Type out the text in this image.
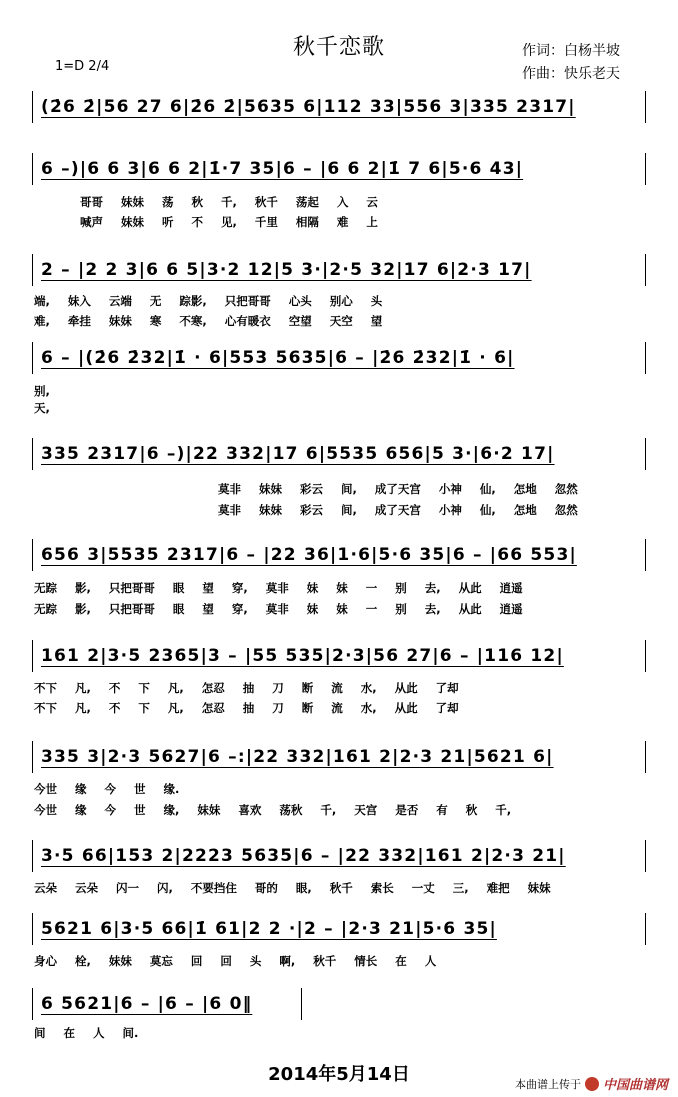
秋千恋歌	作词：白杨半坡
作曲：快乐老天
1=D 2/4
(2̇6 2̇|56 27 6|2̇6 2̇|5635 6|112 33|556 3|335 2317|
6 –)|6 6 3|6 6 2|1̇·7 35|6 – |6 6 2|1̇ 7 6|5·6 43|
哥哥 妹妹 荡 秋 千, 秋千 荡起 入 云
喊声 妹妹 听 不 见, 千里 相隔 难 上
2 – |2 2 3|6 6 5|3·2 12|5 3·|2·5 32|17 6|2·3 17|
端, 妹入 云端 无 踪影, 只把哥哥 心头 别心 头
难, 牵挂 妹妹 寒 不寒, 心有暖衣 空望 天空 望
6 – |(2̇6 2̇32|1̇ · 6|553 5635|6 – |2̇6 2̇32|1̇ · 6|
别,
天,
335 2317|6 –)|22 332|17 6|5535 656|5 3·|6·2 17|
莫非 妹妹 彩云 间, 成了天宫 小神 仙, 怎地 忽然
莫非 妹妹 彩云 间, 成了天宫 小神 仙, 怎地 忽然
656 3|5535 2317|6 – |22 36|1·6|5·6 35|6 – |66 553|
无踪 影, 只把哥哥 眼 望 穿, 莫非 妹 妹 一 别 去, 从此 逍遥
无踪 影, 只把哥哥 眼 望 穿, 莫非 妹 妹 一 别 去, 从此 逍遥
161 2|3·5 2365|3 – |55 535|2·3|56 27|6 – |116 12|
不下 凡, 不 下 凡, 怎忍 抽 刀 断 流 水, 从此 了却
不下 凡, 不 下 凡, 怎忍 抽 刀 断 流 水, 从此 了却
335 3|2·3 5627|6 –:|22 332|161 2|2·3 21|5621 6|
今世 缘 今 世 缘.
今世 缘 今 世 缘, 妹妹 喜欢 荡秋 千, 天宫 是否 有 秋 千,
3·5 66|153 2|2223 5635|6 – |22 332|161 2|2·3 21|
云朵 云朵 闪一 闪, 不要挡住 哥的 眼, 秋千 索长 一丈 三, 难把 妹妹
5621 6|3·5 66|1̇ 61|2 2 ·|2 – |2·3 21|5·6 35|
身心 栓, 妹妹 莫忘 回 回 头 啊, 秋千 情长 在 人
6 5621|6 – |6 – |6 0‖
间 在 人 间.
2014年5月14日	本曲谱上传于 中国曲谱网
